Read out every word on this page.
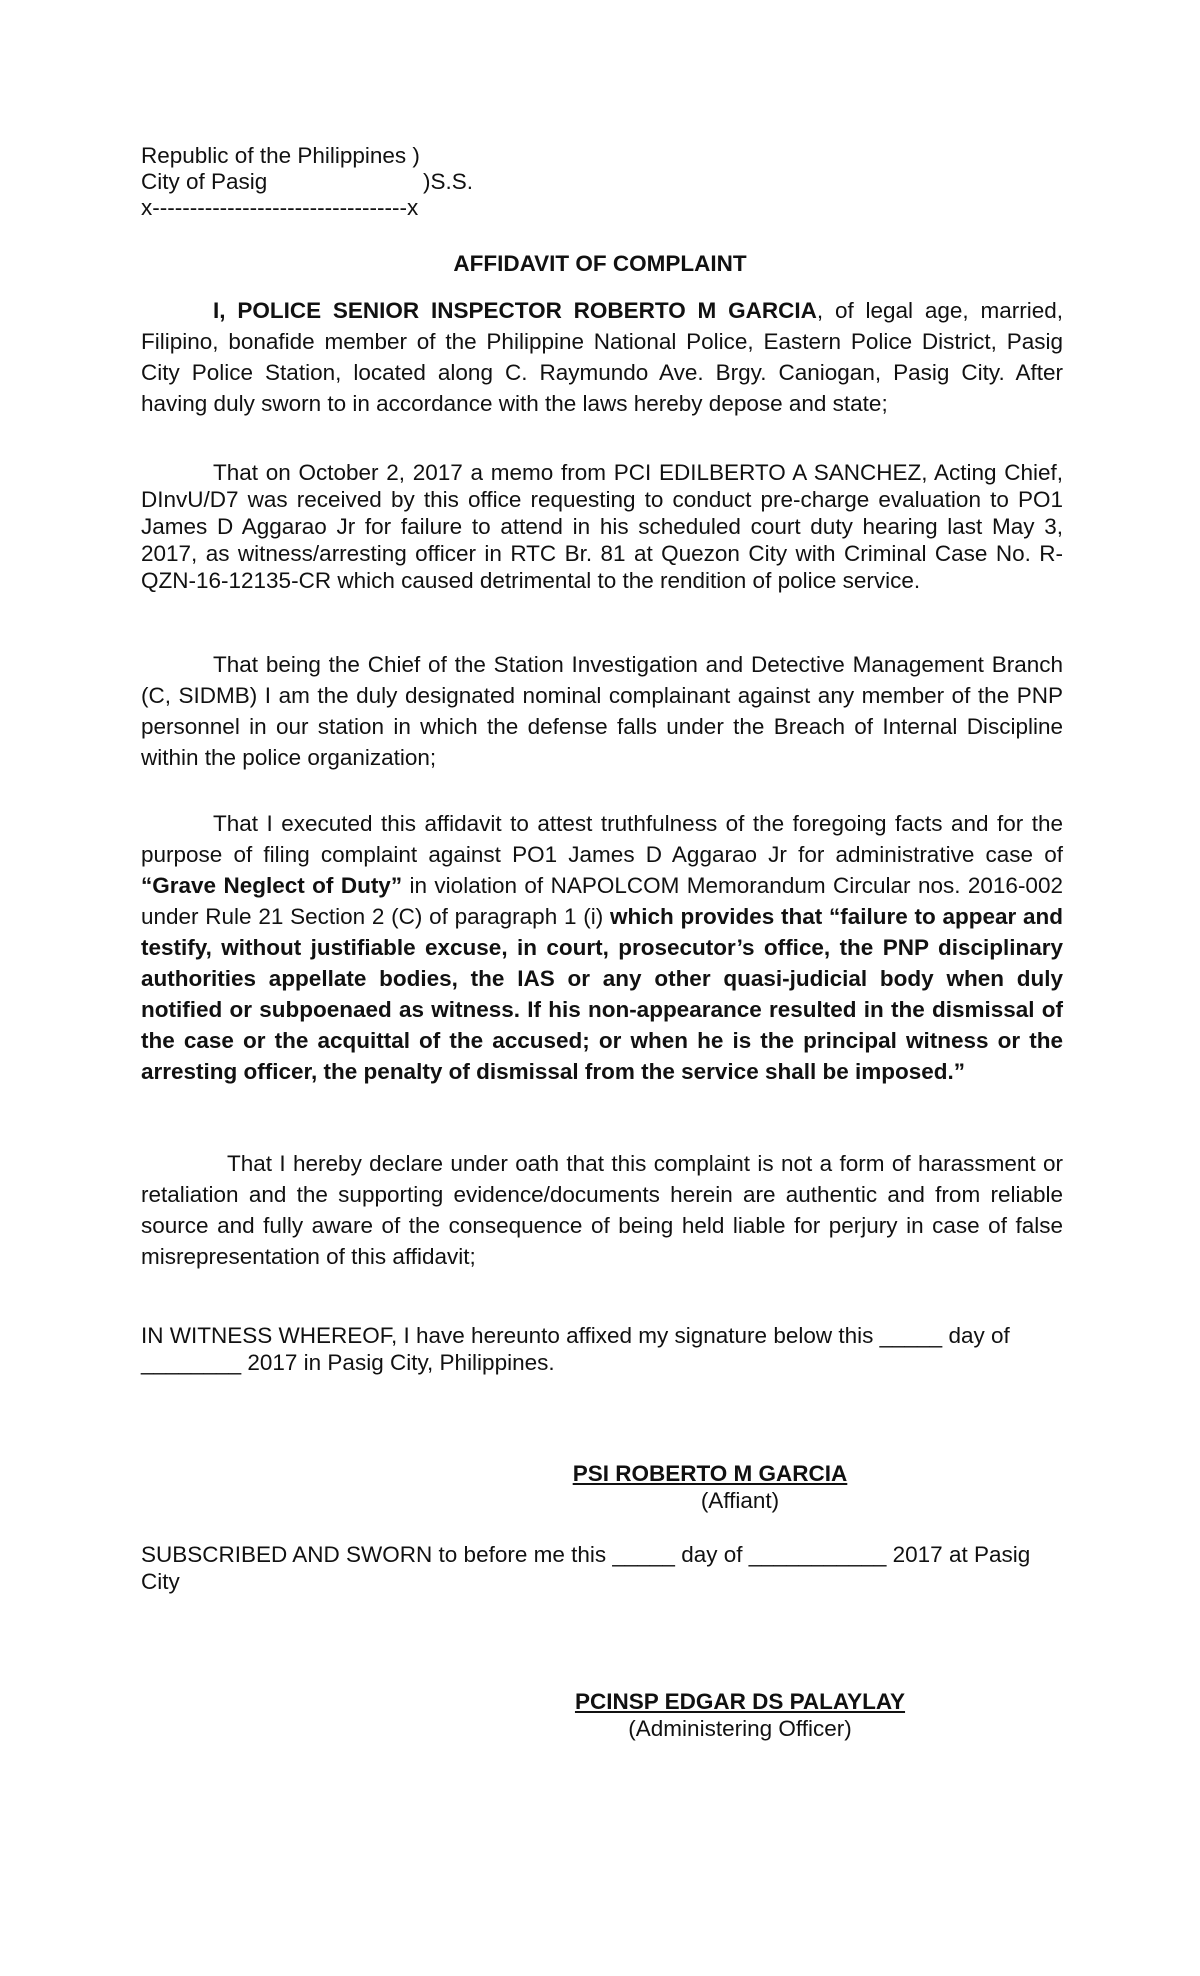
Republic of the Philippines )
City of Pasig	)S.S.
x----------------------------------x
AFFIDAVIT OF COMPLAINT
I, POLICE SENIOR INSPECTOR ROBERTO M GARCIA, of legal age, married, Filipino, bonafide member of the Philippine National Police, Eastern Police District, Pasig City Police Station, located along C. Raymundo Ave. Brgy. Caniogan, Pasig City. After having duly sworn to in accordance with the laws hereby depose and state;
That on October 2, 2017 a memo from PCI EDILBERTO A SANCHEZ, Acting Chief, DInvU/D7 was received by this office requesting to conduct pre-charge evaluation to PO1 James D Aggarao Jr for failure to attend in his scheduled court duty hearing last May 3, 2017, as witness/arresting officer in RTC Br. 81 at Quezon City with Criminal Case No. R-QZN-16-12135-CR which caused detrimental to the rendition of police service.
That being the Chief of the Station Investigation and Detective Management Branch (C, SIDMB) I am the duly designated nominal complainant against any member of the PNP personnel in our station in which the defense falls under the Breach of Internal Discipline within the police organization;
That I executed this affidavit to attest truthfulness of the foregoing facts and for the purpose of filing complaint against PO1 James D Aggarao Jr for administrative case of “Grave Neglect of Duty” in violation of NAPOLCOM Memorandum Circular nos. 2016-002 under Rule 21 Section 2 (C) of paragraph 1 (i) which provides that “failure to appear and testify, without justifiable excuse, in court, prosecutor’s office, the PNP disciplinary authorities appellate bodies, the IAS or any other quasi-judicial body when duly notified or subpoenaed as witness. If his non-appearance resulted in the dismissal of the case or the acquittal of the accused; or when he is the principal witness or the arresting officer, the penalty of dismissal from the service shall be imposed.”
That I hereby declare under oath that this complaint is not a form of harassment or retaliation and the supporting evidence/documents herein are authentic and from reliable source and fully aware of the consequence of being held liable for perjury in case of false misrepresentation of this affidavit;
IN WITNESS WHEREOF, I have hereunto affixed my signature below this _____ day of ________ 2017 in Pasig City, Philippines.
PSI ROBERTO M GARCIA
(Affiant)
SUBSCRIBED AND SWORN to before me this _____ day of ___________ 2017 at Pasig City
PCINSP EDGAR DS PALAYLAY
(Administering Officer)
